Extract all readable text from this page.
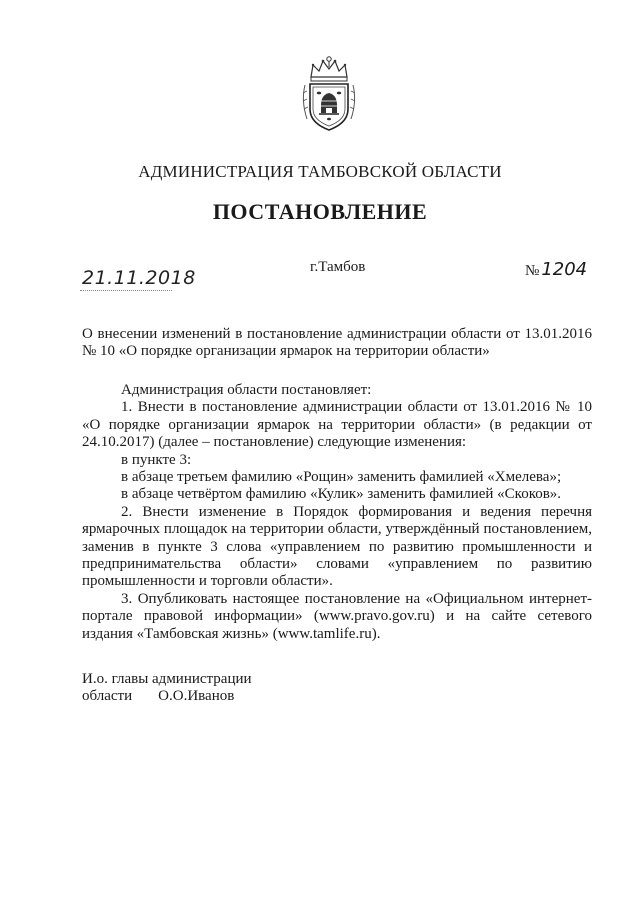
АДМИНИСТРАЦИЯ ТАМБОВСКОЙ ОБЛАСТИ
ПОСТАНОВЛЕНИЕ
21.11.2018	г.Тамбов	№ 1204
О внесении изменений в постановление администрации области от 13.01.2016 № 10 «О порядке организации ярмарок на территории области»

Администрация области постановляет:

1. Внести в постановление администрации области от 13.01.2016 № 10 «О порядке организации ярмарок на территории области» (в редакции от 24.10.2017) (далее – постановление) следующие изменения:

в пункте 3:

в абзаце третьем фамилию «Рощин» заменить фамилией «Хмелева»;

в абзаце четвёртом фамилию «Кулик» заменить фамилией «Скоков».

2. Внести изменение в Порядок формирования и ведения перечня ярмарочных площадок на территории области, утверждённый постановлением, заменив в пункте 3 слова «управлением по развитию промышленности и предпринимательства области» словами «управлением по развитию промышленности и торговли области».

3. Опубликовать настоящее постановление на «Официальном интернет-портале правовой информации» (www.pravo.gov.ru) и на сайте сетевого издания «Тамбовская жизнь» (www.tamlife.ru).

И.о. главы администрации
области О.О.Иванов
